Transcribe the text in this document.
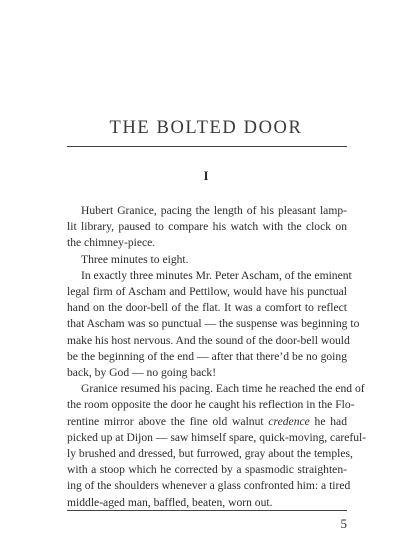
THE BOLTED DOOR
I

Hubert Granice, pacing the length of his pleasant lamp-
lit library, paused to compare his watch with the clock on
the chimney-piece.

Three minutes to eight.

In exactly three minutes Mr. Peter Ascham, of the eminent
legal firm of Ascham and Pettilow, would have his punctual
hand on the door-bell of the flat. It was a comfort to reflect
that Ascham was so punctual — the suspense was beginning to
make his host nervous. And the sound of the door-bell would
be the beginning of the end — after that there’d be no going
back, by God — no going back!

Granice resumed his pacing. Each time he reached the end of
the room opposite the door he caught his reflection in the Flo-
rentine mirror above the fine old walnut credence he had
picked up at Dijon — saw himself spare, quick-moving, careful-
ly brushed and dressed, but furrowed, gray about the temples,
with a stoop which he corrected by a spasmodic straighten-
ing of the shoulders whenever a glass confronted him: a tired
middle-aged man, baffled, beaten, worn out.

5
